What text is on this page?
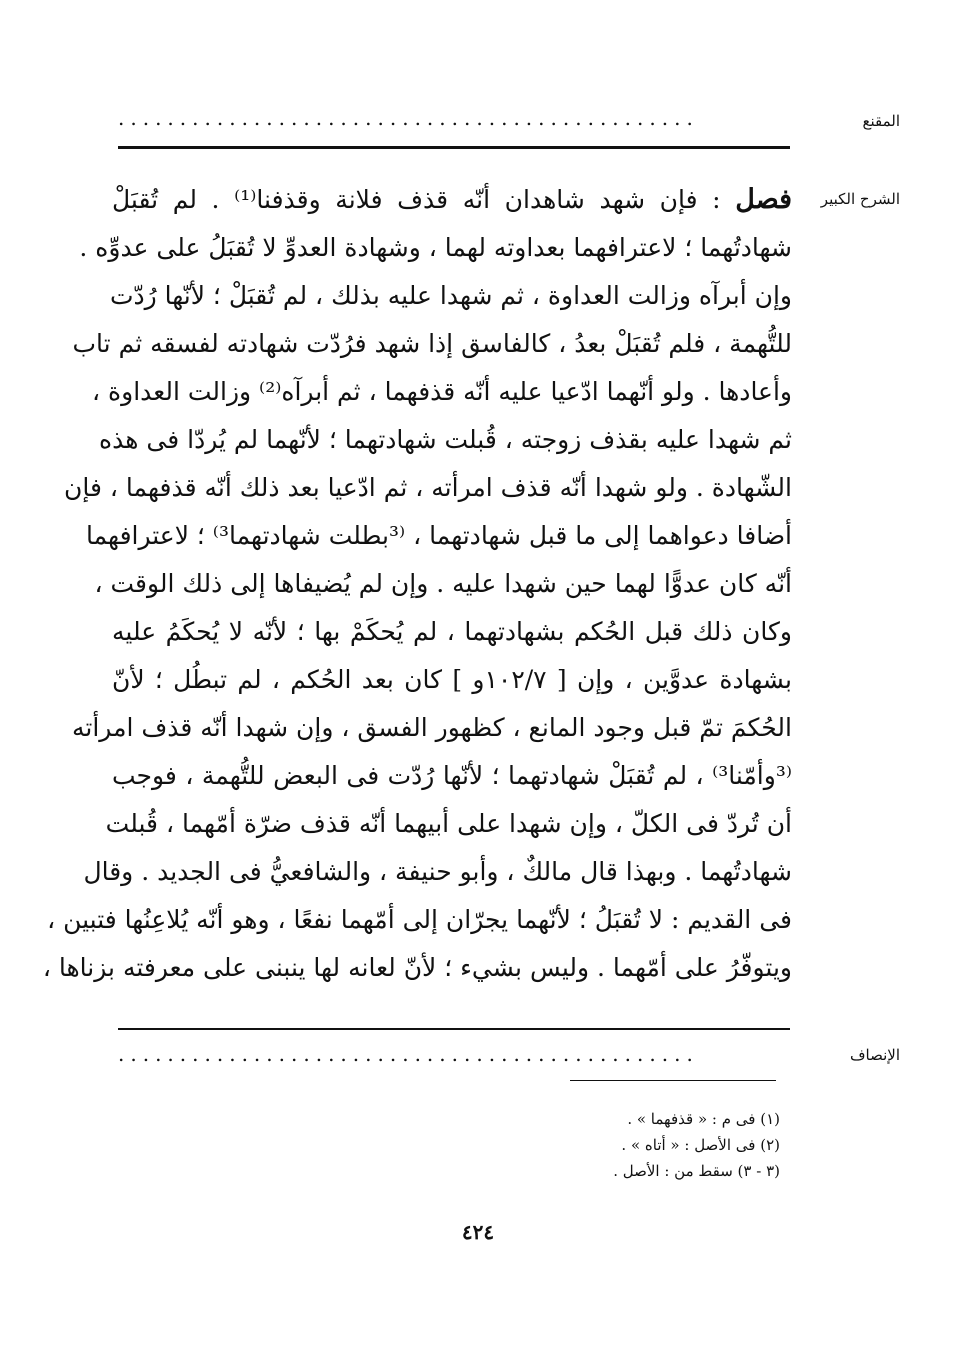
المقنع
...............................................
الشرح الكبير
فصل : فإن شهد شاهدان أنّه قذف فلانة وقذفنا⁽¹⁾ . لم تُقبَلْ
شهادتُهما ؛ لاعترافهما بعداوته لهما ، وشهادة العدوِّ لا تُقبَلُ على عدوِّه .
وإن أبرآه وزالت العداوة ، ثم شهدا عليه بذلك ، لم تُقبَلْ ؛ لأنّها رُدّت
للتُّهمة ، فلم تُقبَلْ بعدُ ، كالفاسق إذا شهد فرُدّت شهادته لفسقه ثم تاب
وأعادها . ولو أنّهما ادّعيا عليه أنّه قذفهما ، ثم أبرآه⁽²⁾ وزالت العداوة ،
ثم شهدا عليه بقذف زوجته ، قُبلت شهادتهما ؛ لأنّهما لم يُردّا فى هذه
الشّهادة . ولو شهدا أنّه قذف امرأته ، ثم ادّعيا بعد ذلك أنّه قذفهما ، فإن
أضافا دعواهما إلى ما قبل شهادتهما ، ⁽³بطلت شهادتهما³⁾ ؛ لاعترافهما
أنّه كان عدوًّا لهما حين شهدا عليه . وإن لم يُضيفاها إلى ذلك الوقت ،
وكان ذلك قبل الحُكم بشهادتهما ، لم يُحكَمْ بها ؛ لأنّه لا يُحكَمُ عليه
بشهادة عدوَّين ، وإن [ ١٠٢/٧و ] كان بعد الحُكم ، لم تبطُل ؛ لأنّ
الحُكمَ تمّ قبل وجود المانع ، كظهور الفسق ، وإن شهدا أنّه قذف امرأته
⁽³وأمّنا³⁾ ، لم تُقبَلْ شهادتهما ؛ لأنّها رُدّت فى البعض للتُّهمة ، فوجب
أن تُردّ فى الكلّ ، وإن شهدا على أبيهما أنّه قذف ضرّة أمّهما ، قُبلت
شهادتُهما . وبهذا قال مالكٌ ، وأبو حنيفة ، والشافعيُّ فى الجديد . وقال
فى القديم : لا تُقبَلُ ؛ لأنّهما يجرّان إلى أمّهما نفعًا ، وهو أنّه يُلاعِنُها فتبين ،
ويتوفّرُ على أمّهما . وليس بشيء ؛ لأنّ لعانه لها ينبنى على معرفته بزناها ،
الإنصاف
...............................................
(١) فى م : « قذفهما » .
(٢) فى الأصل : « أتاه » .
(٣ - ٣) سقط من : الأصل .
٤٢٤
